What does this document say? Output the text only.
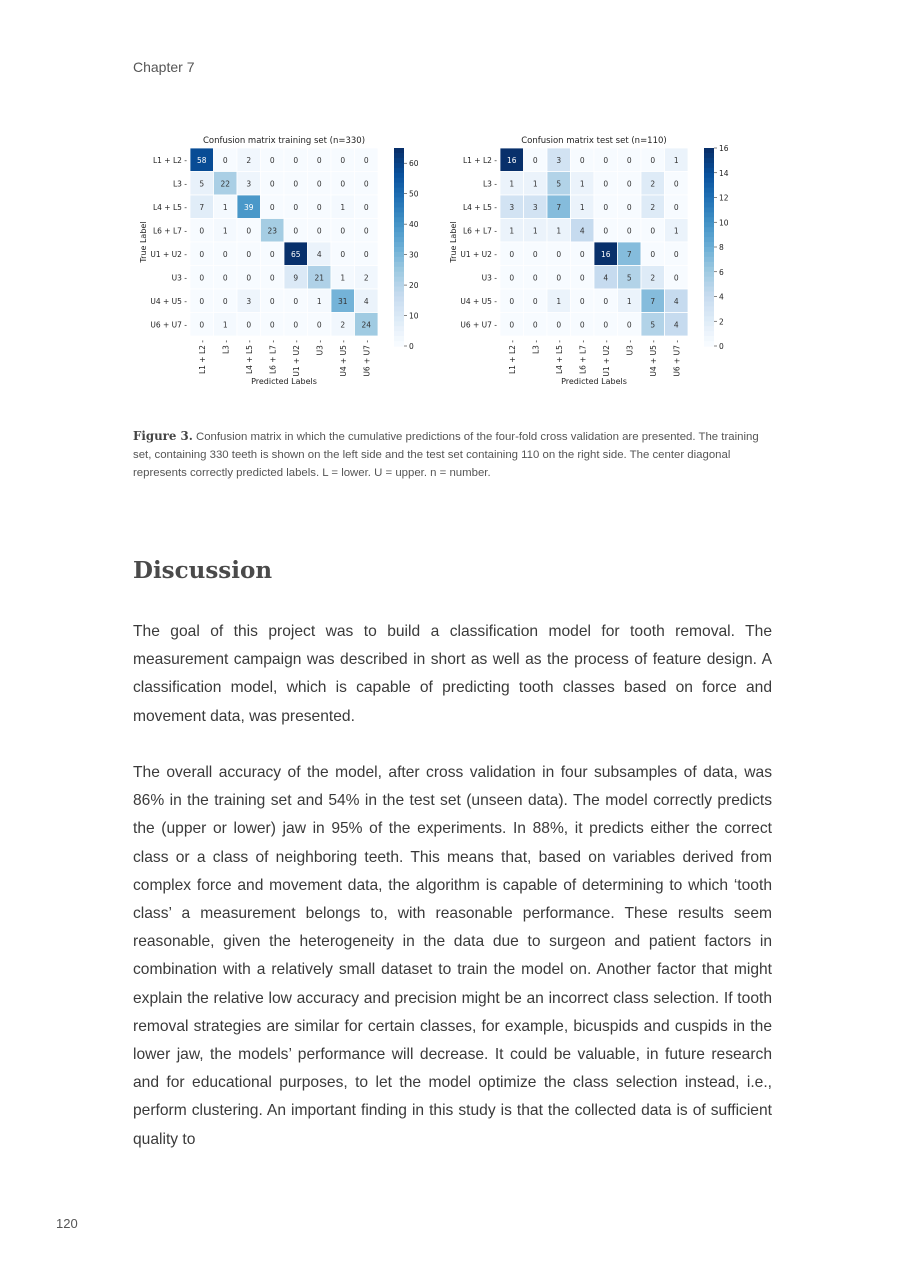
Chapter 7
Confusion matrix training set (n=330)
58 0 2 0 0 0 0 0
L1 + L2 -
5 22 3 0 0 0 0 0
L3 -
7 1 39 0 0 0 1 0
L4 + L5 -
0 1 0 23 0 0 0 0
L6 + L7 -
0 0 0 0 65 4 0 0
U1 + U2 -
0 0 0 0 9 21 1 2
U3 -
0 0 3 0 0 1 31 4
U4 + U5 -
0 1 0 0 0 0 2 24
U6 + U7 -
L1 + L2 - L3 - L4 + L5 - L6 + L7 - U1 + U2 - U3 - U4 + U5 - U6 + U7 -
Predicted Labels
True Label
0
10
20
30
40
50
60
Confusion matrix test set (n=110)
16 0 3 0 0 0 0 1
L1 + L2 -
1 1 5 1 0 0 2 0
L3 -
3 3 7 1 0 0 2 0
L4 + L5 -
1 1 1 4 0 0 0 1
L6 + L7 -
0 0 0 0 16 7 0 0
U1 + U2 -
0 0 0 0 4 5 2 0
U3 -
0 0 1 0 0 1 7 4
U4 + U5 -
0 0 0 0 0 0 5 4
U6 + U7 -
L1 + L2 - L3 - L4 + L5 - L6 + L7 - U1 + U2 - U3 - U4 + U5 - U6 + U7 -
Predicted Labels
True Label
0
2
4
6
8
10
12
14
16
Figure 3. Confusion matrix in which the cumulative predictions of the four-fold cross validation are presented. The training set, containing 330 teeth is shown on the left side and the test set containing 110 on the right side. The center diagonal represents correctly predicted labels. L = lower. U = upper. n = number.
Discussion

The goal of this project was to build a classification model for tooth removal. The measurement campaign was described in short as well as the process of feature design. A classification model, which is capable of predicting tooth classes based on force and movement data, was presented.

The overall accuracy of the model, after cross validation in four subsamples of data, was 86% in the training set and 54% in the test set (unseen data). The model correctly predicts the (upper or lower) jaw in 95% of the experiments. In 88%, it predicts either the correct class or a class of neighboring teeth. This means that, based on variables derived from complex force and movement data, the algorithm is capable of determining to which ‘tooth class’ a measurement belongs to, with reasonable performance. These results seem reasonable, given the heterogeneity in the data due to surgeon and patient factors in combination with a relatively small dataset to train the model on. Another factor that might explain the relative low accuracy and precision might be an incorrect class selection. If tooth removal strategies are similar for certain classes, for example, bicuspids and cuspids in the lower jaw, the models’ performance will decrease. It could be valuable, in future research and for educational purposes, to let the model optimize the class selection instead, i.e., perform clustering. An important finding in this study is that the collected data is of sufficient quality to

120
